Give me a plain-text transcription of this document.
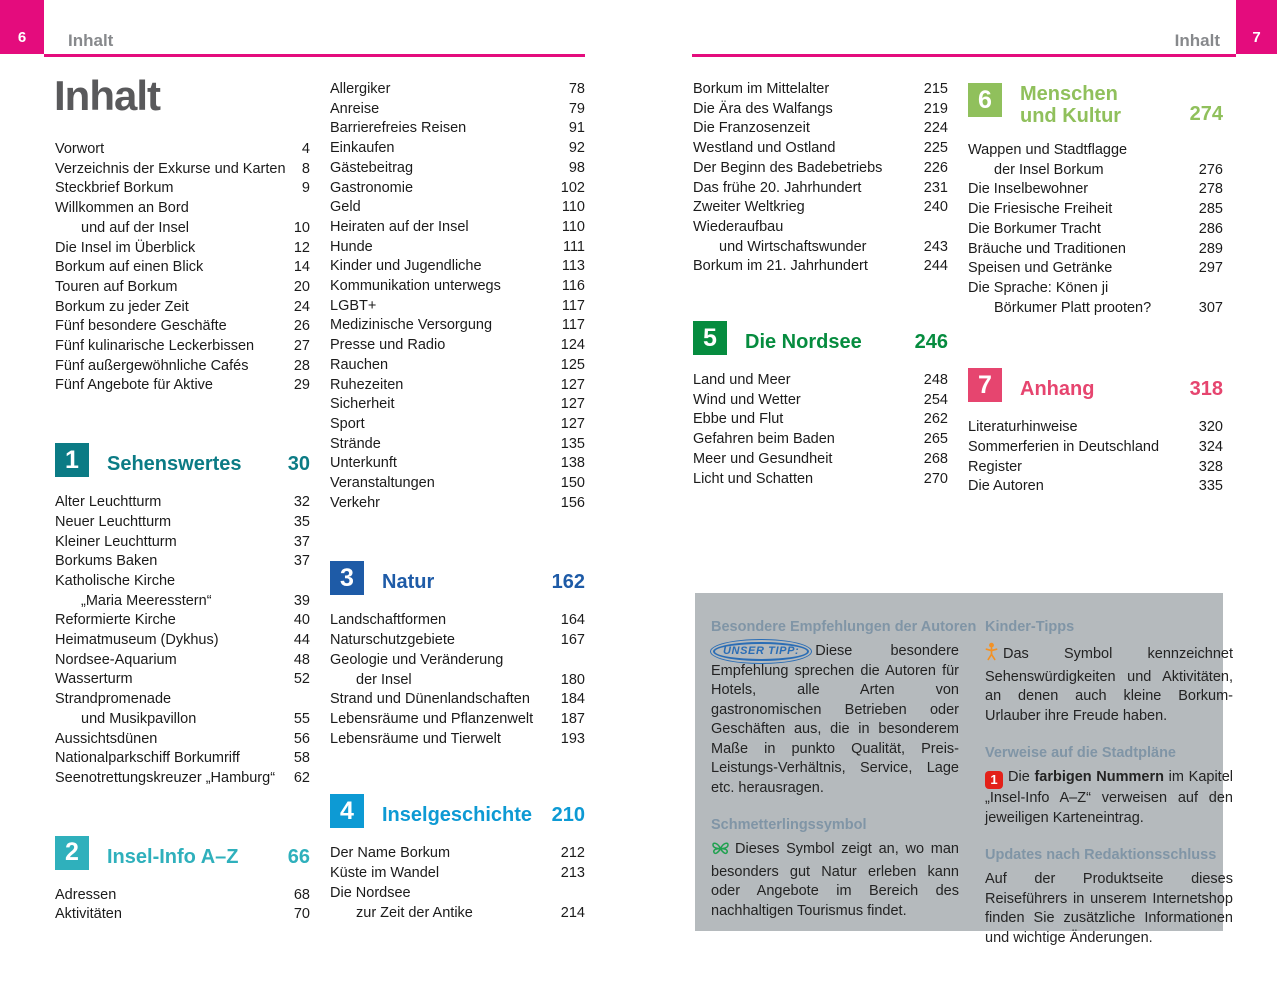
6	7
Inhalt	Inhalt
Inhalt
Vorwort	4
Verzeichnis der Exkurse und Karten 8
Steckbrief Borkum	9
Willkommen an Bord
und auf der Insel	10
Die Insel im Überblick	12
Borkum auf einen Blick	14
Touren auf Borkum	20
Borkum zu jeder Zeit	24
Fünf besondere Geschäfte	26
Fünf kulinarische Leckerbissen	27
Fünf außergewöhnliche Cafés	28
Fünf Angebote für Aktive	29
1	Sehenswertes 30
Alter Leuchtturm	32
Neuer Leuchtturm	35
Kleiner Leuchtturm	37
Borkums Baken	37
Katholische Kirche
„Maria Meeresstern“	39
Reformierte Kirche	40
Heimatmuseum (Dykhus)	44
Nordsee-Aquarium	48
Wasserturm	52
Strandpromenade
und Musikpavillon	55
Aussichtsdünen	56
Nationalparkschiff Borkumriff	58
Seenotrettungskreuzer „Hamburg“ 62
2	Insel-Info A–Z 66
Adressen	68
Aktivitäten	70
Allergiker	78
Anreise	79
Barrierefreies Reisen	91
Einkaufen	92
Gästebeitrag	98
Gastronomie	102
Geld	110
Heiraten auf der Insel	110
Hunde	111
Kinder und Jugendliche	113
Kommunikation unterwegs	116
LGBT+	117
Medizinische Versorgung	117
Presse und Radio	124
Rauchen	125
Ruhezeiten	127
Sicherheit	127
Sport	127
Strände	135
Unterkunft	138
Veranstaltungen	150
Verkehr	156
3	Natur	162
Landschaftformen	164
Naturschutzgebiete	167
Geologie und Veränderung
der Insel	180
Strand und Dünenlandschaften 184
Lebensräume und Pflanzenwelt 187
Lebensräume und Tierwelt	193
4	Inselgeschichte 210
Der Name Borkum	212
Küste im Wandel	213
Die Nordsee
zur Zeit der Antike	214
Borkum im Mittelalter	215
Die Ära des Walfangs	219
Die Franzosenzeit	224
Westland und Ostland	225
Der Beginn des Badebetriebs	226
Das frühe 20. Jahrhundert	231
Zweiter Weltkrieg	240
Wiederaufbau
und Wirtschaftswunder	243
Borkum im 21. Jahrhundert	244
5	Die Nordsee	246
Land und Meer	248
Wind und Wetter	254
Ebbe und Flut	262
Gefahren beim Baden	265
Meer und Gesundheit	268
Licht und Schatten	270
6	Menschen
und Kultur	274
Wappen und Stadtflagge
der Insel Borkum	276
Die Inselbewohner	278
Die Friesische Freiheit	285
Die Borkumer Tracht	286
Bräuche und Traditionen	289
Speisen und Getränke	297
Die Sprache: Könen ji
Börkumer Platt prooten?	307
7	Anhang	318
Literaturhinweise	320
Sommerferien in Deutschland	324
Register	328
Die Autoren	335

Besondere Empfehlungen der Autoren

UNSER TIPP: Diese besondere Empfehlung sprechen die Autoren für Hotels, alle Arten von gastronomischen Betrieben oder Geschäften aus, die in besonderem Maße in punkto Qualität, Preis-Leistungs-Verhältnis, Service, Lage etc. herausragen.

Schmetterlingssymbol

Dieses Symbol zeigt an, wo man besonders gut Natur erleben kann oder Angebote im Bereich des nachhaltigen Tourismus findet.

Kinder-Tipps

Das Symbol kennzeichnet Sehenswürdigkeiten und Aktivitäten, an denen auch kleine Borkum-Urlauber ihre Freude haben.

Verweise auf die Stadtpläne

1 Die farbigen Nummern im Kapitel „Insel-Info A–Z“ verweisen auf den jeweiligen Karteneintrag.

Updates nach Redaktionsschluss

Auf der Produktseite dieses Reiseführers in unserem Internetshop finden Sie zusätzliche Informationen und wichtige Änderungen.
